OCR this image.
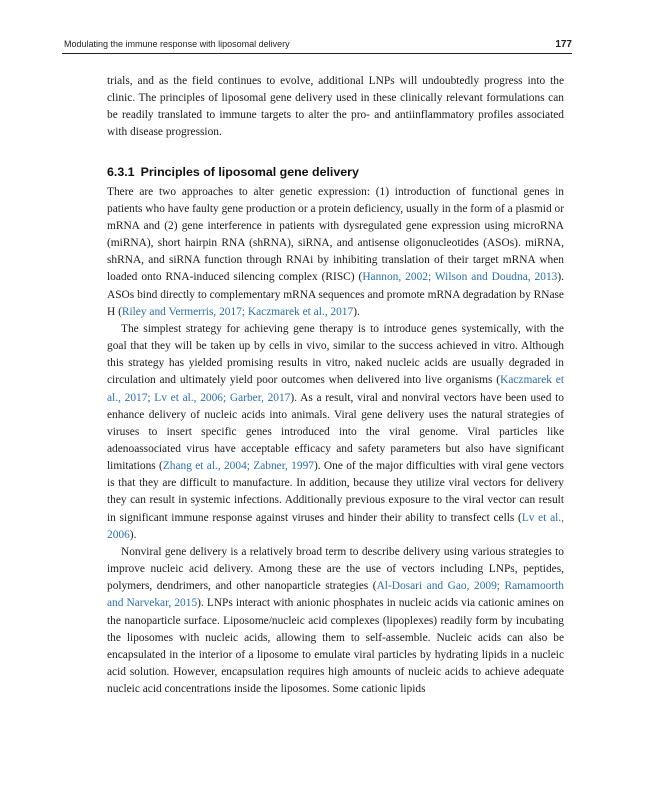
Modulating the immune response with liposomal delivery	177

trials, and as the field continues to evolve, additional LNPs will undoubtedly progress into the clinic. The principles of liposomal gene delivery used in these clinically relevant formulations can be readily translated to immune targets to alter the pro- and antiinflammatory profiles associated with disease progression.

6.3.1 Principles of liposomal gene delivery

There are two approaches to alter genetic expression: (1) introduction of functional genes in patients who have faulty gene production or a protein deficiency, usually in the form of a plasmid or mRNA and (2) gene interference in patients with dysregulated gene expression using microRNA (miRNA), short hairpin RNA (shRNA), siRNA, and antisense oligonucleotides (ASOs). miRNA, shRNA, and siRNA function through RNAi by inhibiting translation of their target mRNA when loaded onto RNA-induced silencing complex (RISC) (Hannon, 2002; Wilson and Doudna, 2013). ASOs bind directly to complementary mRNA sequences and promote mRNA degradation by RNase H (Riley and Vermerris, 2017; Kaczmarek et al., 2017).

The simplest strategy for achieving gene therapy is to introduce genes systemically, with the goal that they will be taken up by cells in vivo, similar to the success achieved in vitro. Although this strategy has yielded promising results in vitro, naked nucleic acids are usually degraded in circulation and ultimately yield poor outcomes when delivered into live organisms (Kaczmarek et al., 2017; Lv et al., 2006; Garber, 2017). As a result, viral and nonviral vectors have been used to enhance delivery of nucleic acids into animals. Viral gene delivery uses the natural strategies of viruses to insert specific genes introduced into the viral genome. Viral particles like adenoassociated virus have acceptable efficacy and safety parameters but also have significant limitations (Zhang et al., 2004; Zabner, 1997). One of the major difficulties with viral gene vectors is that they are difficult to manufacture. In addition, because they utilize viral vectors for delivery they can result in systemic infections. Additionally previous exposure to the viral vector can result in significant immune response against viruses and hinder their ability to transfect cells (Lv et al., 2006).

Nonviral gene delivery is a relatively broad term to describe delivery using various strategies to improve nucleic acid delivery. Among these are the use of vectors including LNPs, peptides, polymers, dendrimers, and other nanoparticle strategies (Al-Dosari and Gao, 2009; Ramamoorth and Narvekar, 2015). LNPs interact with anionic phosphates in nucleic acids via cationic amines on the nanoparticle surface. Liposome/nucleic acid complexes (lipoplexes) readily form by incubating the liposomes with nucleic acids, allowing them to self-assemble. Nucleic acids can also be encapsulated in the interior of a liposome to emulate viral particles by hydrating lipids in a nucleic acid solution. However, encapsulation requires high amounts of nucleic acids to achieve adequate nucleic acid concentrations inside the liposomes. Some cationic lipids
